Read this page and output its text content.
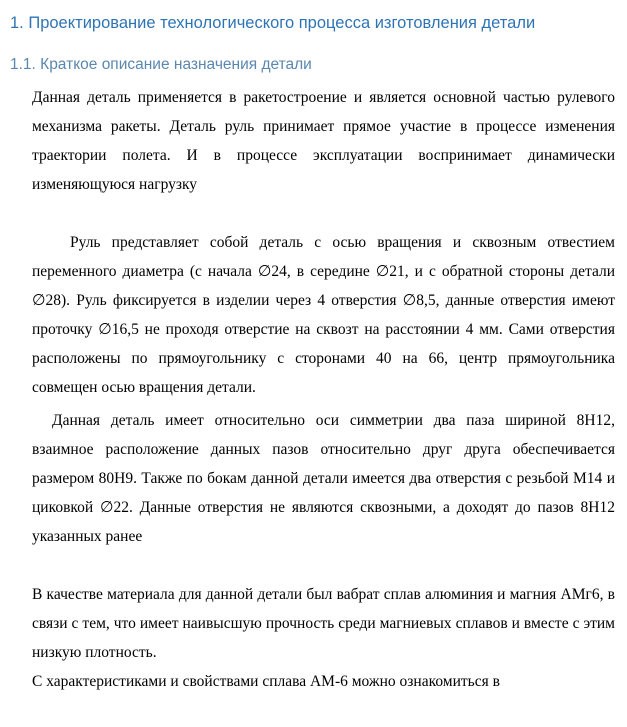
1. Проектирование технологического процесса изготовления детали
1.1. Краткое описание назначения детали

Данная деталь применяется в ракетостроение и является основной частью рулевого механизма ракеты. Деталь руль принимает прямое участие в процессе изменения траектории полета. И в процессе эксплуатации воспринимает динамически изменяющуюся нагрузку

Руль представляет собой деталь с осью вращения и сквозным отвестием переменного диаметра (с начала ∅24, в середине ∅21, и с обратной стороны детали ∅28). Руль фиксируется в изделии через 4 отверстия ∅8,5, данные отверстия имеют проточку ∅16,5 не проходя отверстие на сквозт на расстоянии 4 мм. Сами отверстия расположены по прямоугольнику с сторонами 40 на 66, центр прямоугольника совмещен осью вращения детали.

Данная деталь имеет относительно оси симметрии два паза шириной 8H12, взаимное расположение данных пазов относительно друг друга обеспечивается размером 80H9. Также по бокам данной детали имеется два отверстия с резьбой М14 и циковкой ∅22. Данные отверстия не являются сквозными, а доходят до пазов 8H12 указанных ранее

В качестве материала для данной детали был вабрат сплав алюминия и магния АМг6, в связи с тем, что имеет наивысшую прочность среди магниевых сплавов и вместе с этим низкую плотность.

С характеристиками и свойствами сплава АМ-6 можно ознакомиться в
